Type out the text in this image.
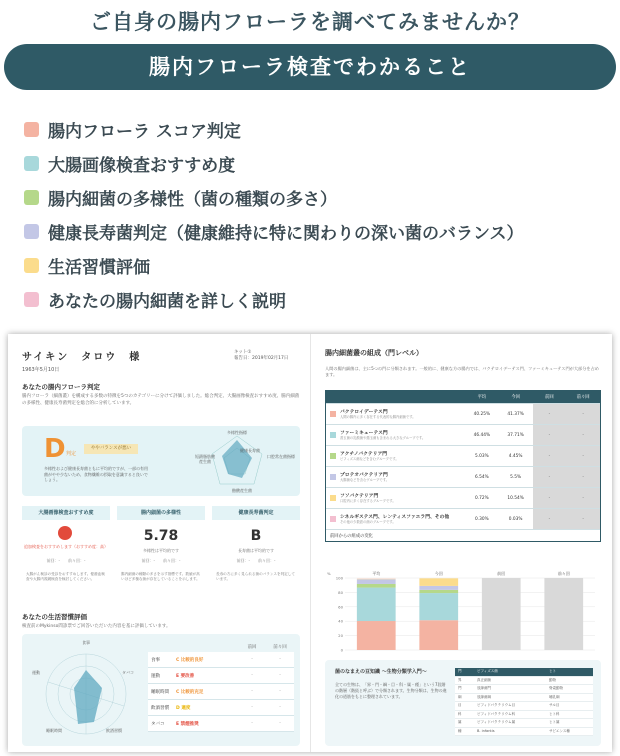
ご自身の腸内フローラを調べてみませんか？
腸内フローラ検査でわかること
腸内フローラ スコア判定
大腸画像検査おすすめ度
腸内細菌の多様性（菌の種類の多さ）
健康長寿菌判定（健康維持に特に関わりの深い菌のバランス）
生活習慣評価
あなたの腸内細菌を詳しく説明
サイキン　タロウ　様
1963年5月10日
キット①
報告日：2019年02月17日
あなたの腸内フローラ判定
腸内フローラ（細菌叢）を構成する多数の特徴を5つのカテゴリーに分けて評価しました。総合判定、大腸画像検査おすすめ度、腸内細菌の多様性、健康長寿菌判定を総合的に分析しています。
D 判定
ややバランスが悪い
多様性および健康長寿菌ともに平均的ですが、一部の有用菌がやや少ないため、食物繊維の摂取を意識すると良いでしょう。
多様性指標
短鎖脂肪酸産生菌
口腔常在菌指標
健康長寿菌
酪酸産生菌
大腸画像検査おすすめ度
追加検査をおすすめします（おすすめ度：高）
前回：-　　前々回：-
大腸がん検診の受診をおすすめします。便潜血検査や大腸内視鏡検査を検討してください。
腸内細菌の多様性
5.78
多様性は平均的です
前回：-　　前々回：-
腸内細菌の種類の多さを示す指標です。数値が高いほど多様な菌が存在していることを示します。
健康長寿菌判定
B
長寿菌は平均的です
前回：-　　前々回：-
長寿の方に多く見られる菌のバランスを判定しています。
あなたの生活習慣評価
検査前のMykinso問診票でご回答いただいた内容を基に評価しています。
食事
タバコ
飲酒習慣
睡眠時間
運動
前回	前々回
食事	C 比較的良好	-	-
運動	E 要改善	-	-
睡眠時間	C 比較的充足	-	-
飲酒習慣	D 適度	-	-
タバコ	E 禁煙推奨	-	-
腸内細菌叢の組成（門レベル）
人間の腸内細菌は、主に5つの門に分類されます。一般的に、健康な方の腸内では、バクテロイデーテス門、ファーミキューテス門が大部分を占めます。
平均	今回	前回	前々回
バクテロイデーテス門
人間の腸内に多く存在する代表的な腸内細菌です。
40.25%	41.37%	-	-
ファーミキューテス門
善玉菌の乳酸菌や悪玉菌も含まれる大きなグループです。
46.44%	37.71%	-	-
アクチノバクテリア門
ビフィズス菌などを含むグループです。
5.03%	4.45%	-	-
プロテオバクテリア門
大腸菌などを含むグループです。
6.54%	5.5%	-	-
フソバクテリア門
口腔内に多く存在するグループです。
0.72%	10.54%	-	-
シネルギステス門、レンティスファエラ門、その他
その他の少数派の菌のグループです。
0.30%	0.03%	-	-
前回からの組成の変化
0
20
40
60
80
100
%	平均	今回	前回	前々回
菌のなまえの豆知識 ～生物分類学入門～
全ての生物は、「界・門・綱・目・科・属・種」という7段階の階層（階級と呼ぶ）で分類されます。生物分類は、生物の進化の道筋をもとに整理されています。
門	ビフィズス菌	ヒト
界	真正細菌	動物
門	放線菌門	脊索動物
綱	放線菌綱	哺乳綱
目	ビフィドバクテリウム目	サル目
科	ビフィドバクテリウム科	ヒト科
属	ビフィドバクテリウム属	ヒト属
種	B. infantis	サピエンス種
